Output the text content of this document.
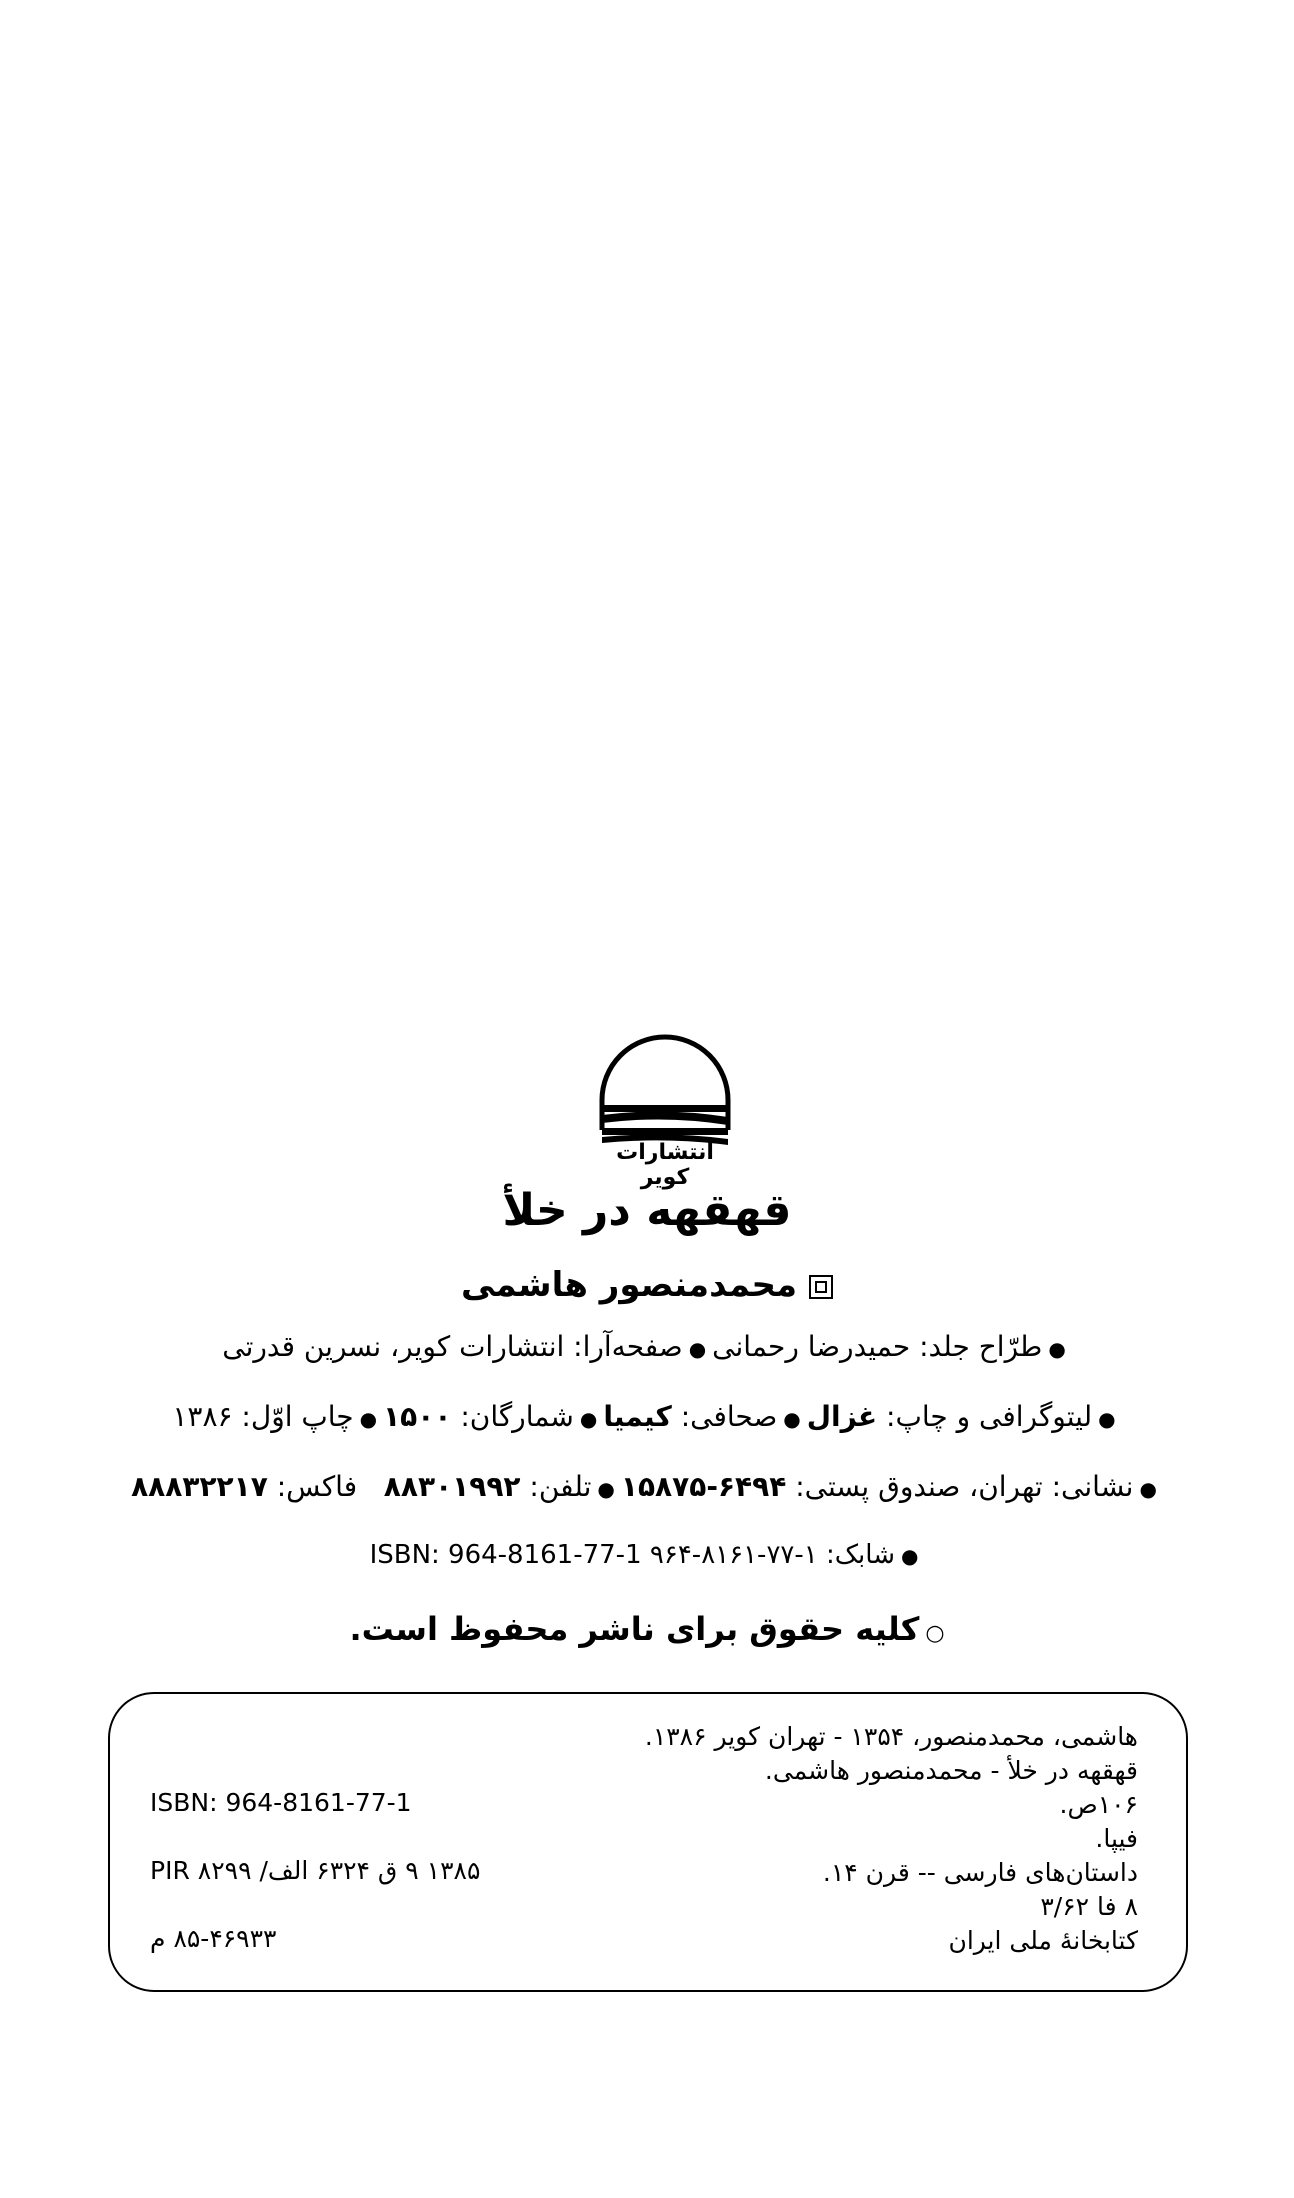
انتشارات کویر
قهقهه در خلأ
محمدمنصور هاشمی
●طرّاح جلد: حمیدرضا رحمانی●صفحه‌آرا: انتشارات کویر، نسرین قدرتی
●لیتوگرافی و چاپ: غزال●صحافی: کیمیا●شمارگان: ۱۵۰۰●چاپ اوّل: ۱۳۸۶
●نشانی: تهران، صندوق پستی: ۶۴۹۴-۱۵۸۷۵●تلفن: ۸۸۳۰۱۹۹۲   فاکس: ۸۸۸۳۲۲۱۷
●شابک: ۱-۷۷-۸۱۶۱-۹۶۴ ISBN: 964-8161-77-1
○کلیه حقوق برای ناشر محفوظ است.
هاشمی، محمدمنصور، ۱۳۵۴ - تهران کویر ۱۳۸۶.
قهقهه در خلأ - محمدمنصور هاشمی.
۱۰۶ص.
ISBN: 964-8161-77-1
فیپا.
داستان‌های فارسی -- قرن ۱۴.
PIR ۱۳۸۵ ۹ ق ۶۳۲۴ الف/ ۸۲۹۹
۸ فا ۳/۶۲
کتابخانهٔ ملی ایران
۸۵-۴۶۹۳۳ م
